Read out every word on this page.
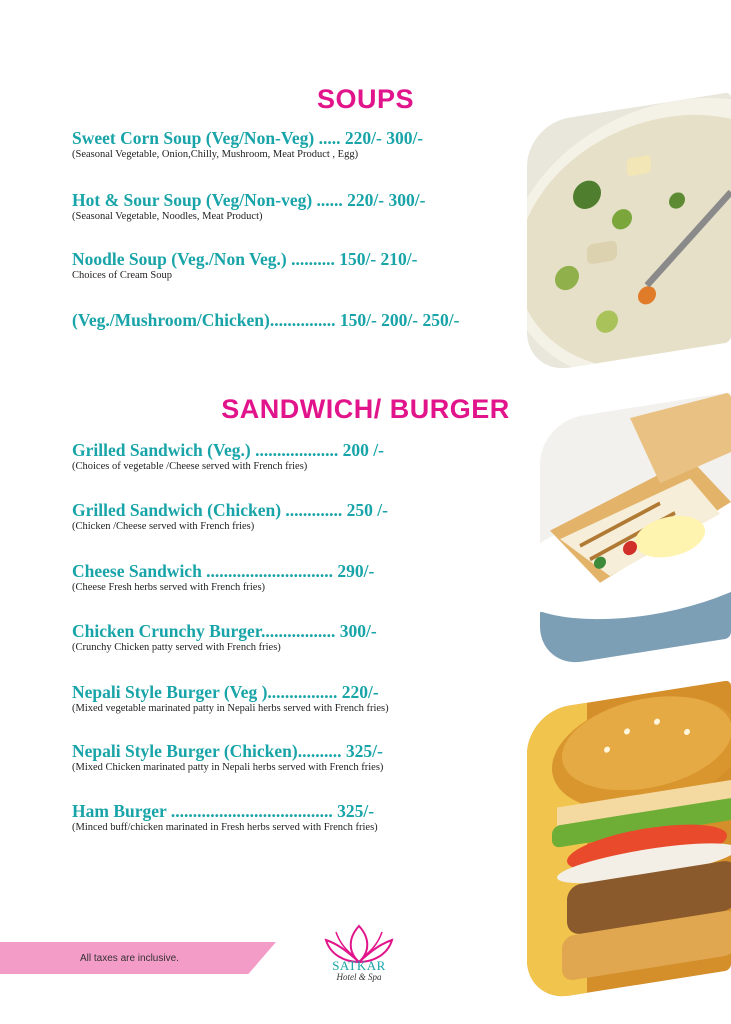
SOUPS
Sweet Corn Soup (Veg/Non-Veg) ..... 220/- 300/-
(Seasonal Vegetable, Onion,Chilly, Mushroom, Meat Product , Egg)
Hot & Sour Soup (Veg/Non-veg) ...... 220/- 300/-
(Seasonal Vegetable, Noodles, Meat Product)
Noodle Soup (Veg./Non Veg.) .......... 150/- 210/-
Choices of Cream Soup
(Veg./Mushroom/Chicken)............... 150/- 200/- 250/-
SANDWICH/ BURGER
Grilled Sandwich (Veg.) ................... 200 /-
(Choices of vegetable /Cheese served with French fries)
Grilled Sandwich (Chicken) ............. 250 /-
(Chicken /Cheese served with French fries)
Cheese Sandwich ............................. 290/-
(Cheese Fresh herbs served with French fries)
Chicken Crunchy Burger................. 300/-
(Crunchy Chicken patty served with French fries)
Nepali Style Burger (Veg )................ 220/-
(Mixed vegetable marinated patty in Nepali herbs served with French fries)
Nepali Style Burger (Chicken).......... 325/-
(Mixed Chicken marinated patty in Nepali herbs served with French fries)
Ham Burger ..................................... 325/-
(Minced buff/chicken marinated in Fresh herbs served with French fries)
All taxes are inclusive.	SATKAR
Hotel & Spa
